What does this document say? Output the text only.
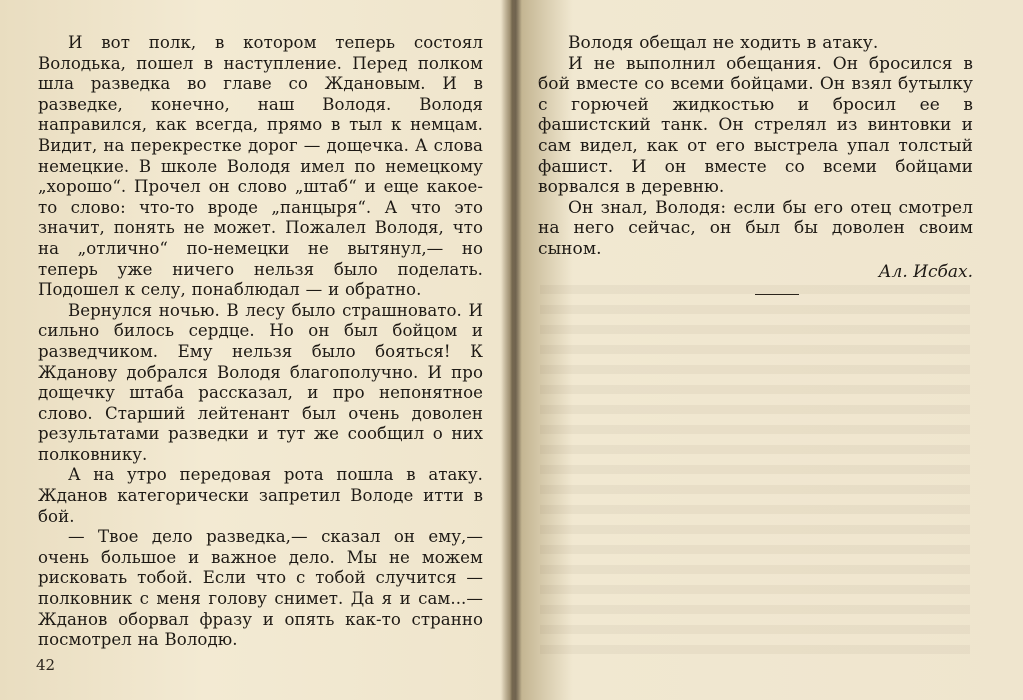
И вот полк, в котором теперь состоял Володька, пошел в наступление. Перед полком шла разведка во главе со Ждановым. И в разведке, конечно, наш Володя. Володя направился, как всегда, прямо в тыл к немцам. Видит, на перекрестке дорог — дощечка. А слова немецкие. В школе Володя имел по немецкому „хорошо“. Прочел он слово „штаб“ и еще какое-то слово: что-то вроде „панцыря“. А что это значит, понять не может. Пожалел Володя, что на „отлично“ по-немецки не вытянул,— но теперь уже ничего нельзя было поделать. Подошел к селу, понаблюдал — и обратно.

Вернулся ночью. В лесу было страшновато. И сильно билось сердце. Но он был бойцом и разведчиком. Ему нельзя было бояться! К Жданову добрался Володя благополучно. И про дощечку штаба рассказал, и про непонятное слово. Старший лейтенант был очень доволен результатами разведки и тут же сообщил о них полковнику.

А на утро передовая рота пошла в атаку. Жданов категорически запретил Володе итти в бой.

— Твое дело разведка,— сказал он ему,— очень большое и важное дело. Мы не можем рисковать тобой. Если что с тобой случится — полковник с меня голову снимет. Да я и сам...— Жданов оборвал фразу и опять как-то странно посмотрел на Володю.

42

Володя обещал не ходить в атаку.

И не выполнил обещания. Он бросился в бой вместе со всеми бойцами. Он взял бутылку с горючей жидкостью и бросил ее в фашистский танк. Он стрелял из винтовки и сам видел, как от его выстрела упал толстый фашист. И он вместе со всеми бойцами ворвался в деревню.

Он знал, Володя: если бы его отец смотрел на него сейчас, он был бы доволен своим сыном.

Ал. Исбах.
